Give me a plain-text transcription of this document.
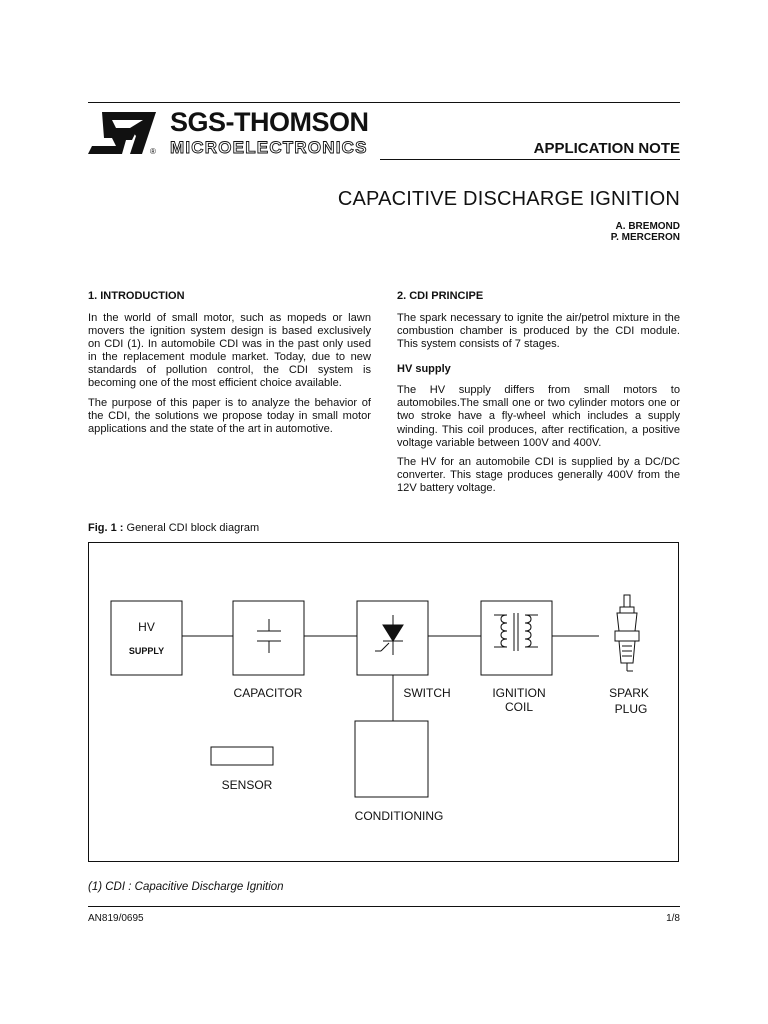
®
SGS-THOMSON
MICROELECTRONICS	APPLICATION NOTE
CAPACITIVE DISCHARGE IGNITION
A. BREMOND
P. MERCERON
1. INTRODUCTION

In the world of small motor, such as mopeds or lawn movers the ignition system design is based exclusively on CDI (1). In automobile CDI was in the past only used in the replacement module market. Today, due to new standards of pollution control, the CDI system is becoming one of the most efficient choice available.

The purpose of this paper is to analyze the behavior of the CDI, the solutions we propose today in small motor applications and the state of the art in automotive.

2. CDI PRINCIPE

The spark necessary to ignite the air/petrol mixture in the combustion chamber is produced by the CDI module. This system consists of 7 stages.

HV supply

The HV supply differs from small motors to automobiles.The small one or two cylinder motors one or two stroke have a fly-wheel which includes a supply winding. This coil produces, after rectification, a positive voltage variable between 100V and 400V.

The HV for an automobile CDI is supplied by a DC/DC converter. This stage produces generally 400V from the 12V battery voltage.

Fig. 1 : General CDI block diagram
HV
SUPPLY
CAPACITOR	SWITCH	IGNITION
COIL
SPARK
PLUG
SENSOR
CONDITIONING
(1) CDI : Capacitive Discharge Ignition
AN819/0695	1/8
